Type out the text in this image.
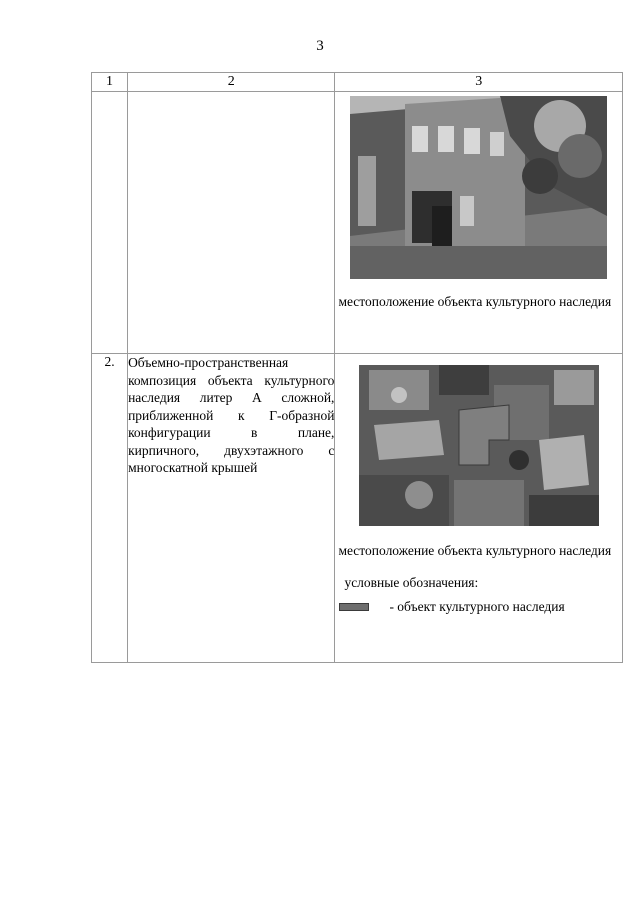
3
1	2	3

		местоположение объекта культурного наследия

2.	Объемно-пространственная композиция объекта культурного наследия литер А сложной, приближенной к Г-образной конфигурации в плане, кирпичного, двухэтажного с многоскатной крышей	местоположение объекта культурного наследия
условные обозначения:
- объект культурного наследия
